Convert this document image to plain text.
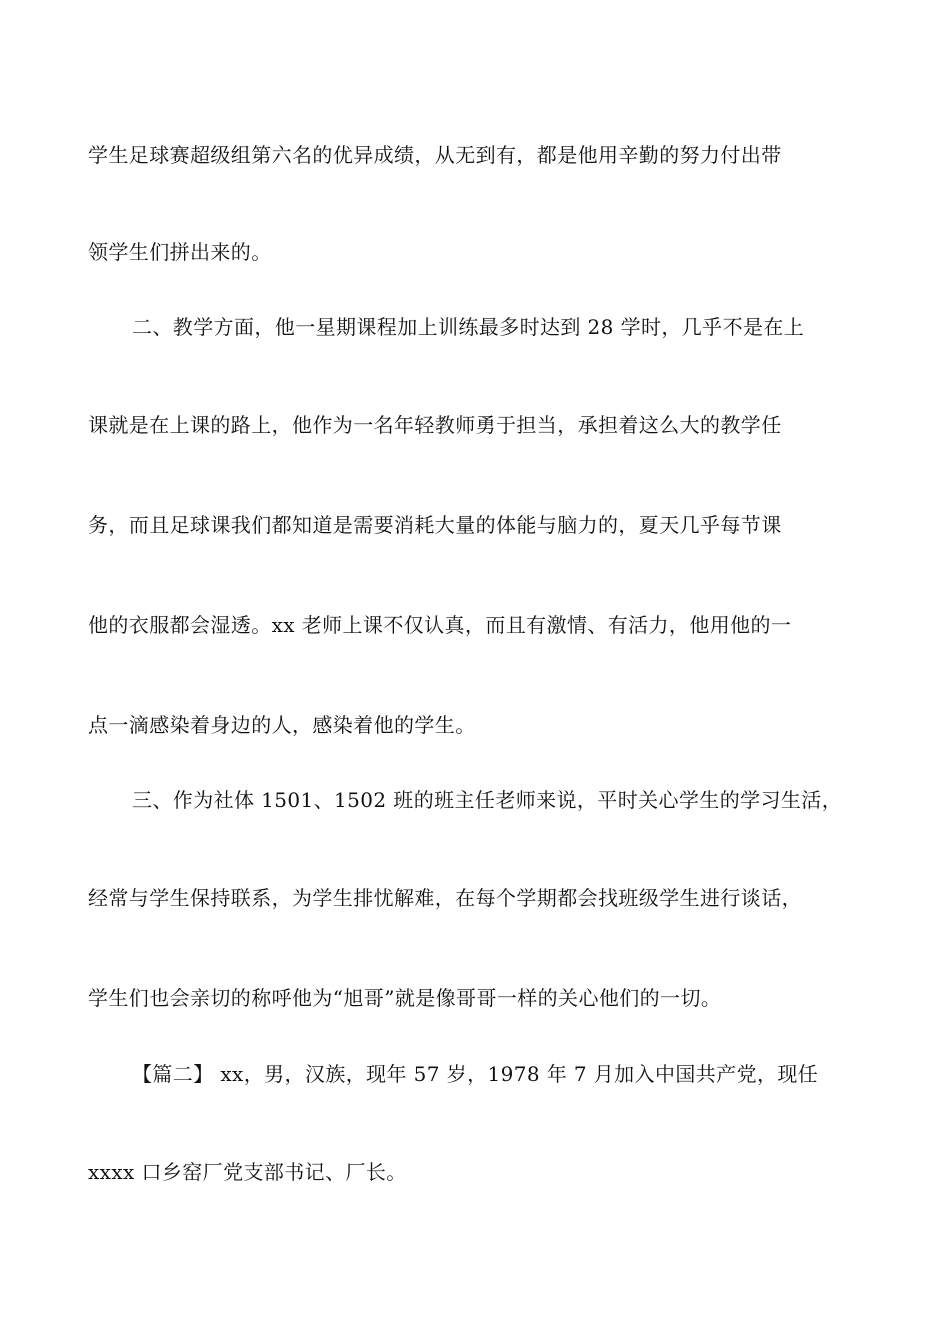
学生足球赛超级组第六名的优异成绩，从无到有，都是他用辛勤的努力付出带
领学生们拼出来的。
二、教学方面，他一星期课程加上训练最多时达到 28 学时，几乎不是在上
课就是在上课的路上，他作为一名年轻教师勇于担当，承担着这么大的教学任
务，而且足球课我们都知道是需要消耗大量的体能与脑力的，夏天几乎每节课
他的衣服都会湿透。xx 老师上课不仅认真，而且有激情、有活力，他用他的一
点一滴感染着身边的人，感染着他的学生。
三、作为社体 1501、1502 班的班主任老师来说，平时关心学生的学习生活，
经常与学生保持联系，为学生排忧解难，在每个学期都会找班级学生进行谈话，
学生们也会亲切的称呼他为“旭哥”就是像哥哥一样的关心他们的一切。
【篇二】 xx，男，汉族，现年 57 岁，1978 年 7 月加入中国共产党，现任
xxxx 口乡窑厂党支部书记、厂长。
